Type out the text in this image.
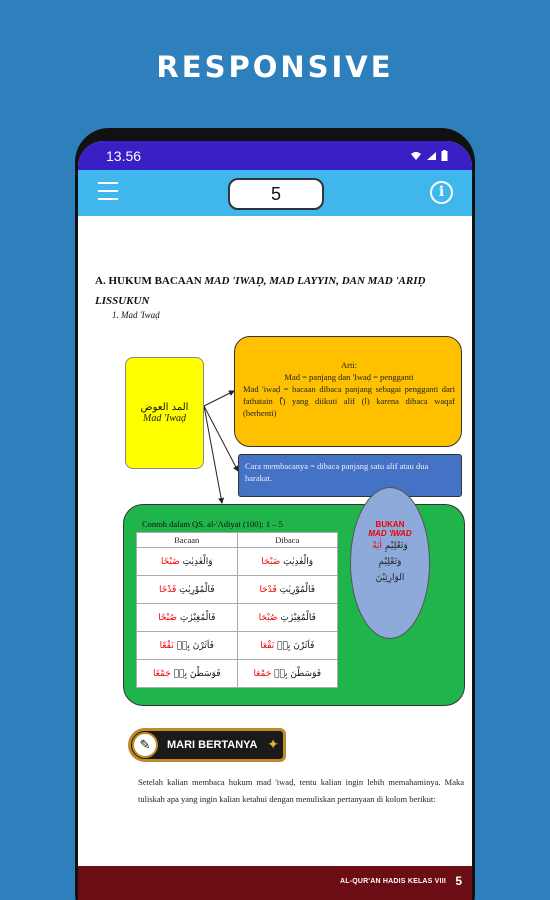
RESPONSIVE
13.56
5	i
A. HUKUM BACAAN MAD 'IWAḌ, MAD LAYYIN, DAN MAD 'ARIḌ LISSUKUN
1. Mad 'Iwaḍ
المد العوض
Mad 'Iwaḍ
Arti:
Mad = panjang dan 'Iwaḍ = pengganti
Mad 'iwaḍ = bacaan dibaca panjang sebagai pengganti dari fathatain (ً) yang diikuti alif (ا) karena dibaca waqaf (berhenti)
Cara membacanya = dibaca panjang satu alif atau dua harakat.
Contoh dalam QS. al-'Adiyat (100): 1 – 5
Bacaan	Dibaca
وَالْعٰدِيٰتِ ضَبْحًا	وَالْعٰدِيٰتِ ضَبْحَا
فَالْمُوْرِيٰتِ قَدْحًا	فَالْمُوْرِيٰتِ قَدْحَا
فَالْمُغِيْرٰتِ صُبْحًا	فَالْمُغِيْرٰتِ صُبْحَا
فَاَثَرْنَ بِهٖ نَقْعًا	فَاَثَرْنَ بِهٖ نَقْعَا
فَوَسَطْنَ بِهٖ جَمْعًا	فَوَسَطْنَ بِهٖ جَمْعَا
BUKAN
MAD 'IWAD
وَتَعْلِيْمِ اٰيَةً
وَتَعْلِيْمِ
الوَارِثِيْنَ
✎	MARI BERTANYA ✦
Setelah kalian membaca hukum mad 'iwaḍ, tentu kalian ingin lebih memahaminya. Maka tuliskah apa yang ingin kalian ketahui dengan menuliskan pertanyaan di kolom berikut:
AL-QUR'AN HADIS KELAS VIII 5
